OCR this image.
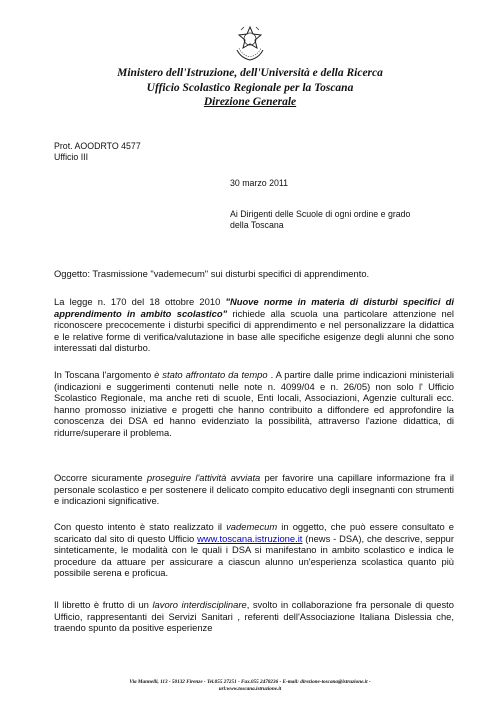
Ministero dell'Istruzione, dell'Università e della Ricerca
Ufficio Scolastico Regionale per la Toscana
Direzione Generale
Prot. AOODRTO 4577
Ufficio III
30 marzo 2011
Ai Dirigenti delle Scuole di ogni ordine e grado
della Toscana

Oggetto: Trasmissione "vademecum" sui disturbi specifici di apprendimento.

La legge n. 170 del 18 ottobre 2010 "Nuove norme in materia di disturbi specifici di apprendimento in ambito scolastico" richiede alla scuola una particolare attenzione nel riconoscere precocemente i disturbi specifici di apprendimento e nel personalizzare la didattica e le relative forme di verifica/valutazione in base alle specifiche esigenze degli alunni che sono interessati dal disturbo.

In Toscana l'argomento è stato affrontato da tempo . A partire dalle prime indicazioni ministeriali (indicazioni e suggerimenti contenuti nelle note n. 4099/04 e n. 26/05) non solo l' Ufficio Scolastico Regionale, ma anche reti di scuole, Enti locali, Associazioni, Agenzie culturali ecc. hanno promosso iniziative e progetti che hanno contribuito a diffondere ed approfondire la conoscenza dei DSA ed hanno evidenziato la possibilità, attraverso l'azione didattica, di ridurre/superare il problema.

Occorre sicuramente proseguire l'attività avviata per favorire una capillare informazione fra il personale scolastico e per sostenere il delicato compito educativo degli insegnanti con strumenti e indicazioni significative.

Con questo intento è stato realizzato il vademecum in oggetto, che può essere consultato e scaricato dal sito di questo Ufficio www.toscana.istruzione.it (news - DSA), che descrive, seppur sinteticamente, le modalità con le quali i DSA si manifestano in ambito scolastico e indica le procedure da attuare per assicurare a ciascun alunno un'esperienza scolastica quanto più possibile serena e proficua.

Il libretto è frutto di un lavoro interdisciplinare, svolto in collaborazione fra personale di questo Ufficio, rappresentanti dei Servizi Sanitari , referenti dell'Associazione Italiana Dislessia che, traendo spunto da positive esperienze

Via Mannelli, 113 - 50132 Firenze - Tel.055 27251 - Fax.055 2478236 - E-mail: direzione-toscana@istruzione.it -
url:www.toscana.istruzione.it
